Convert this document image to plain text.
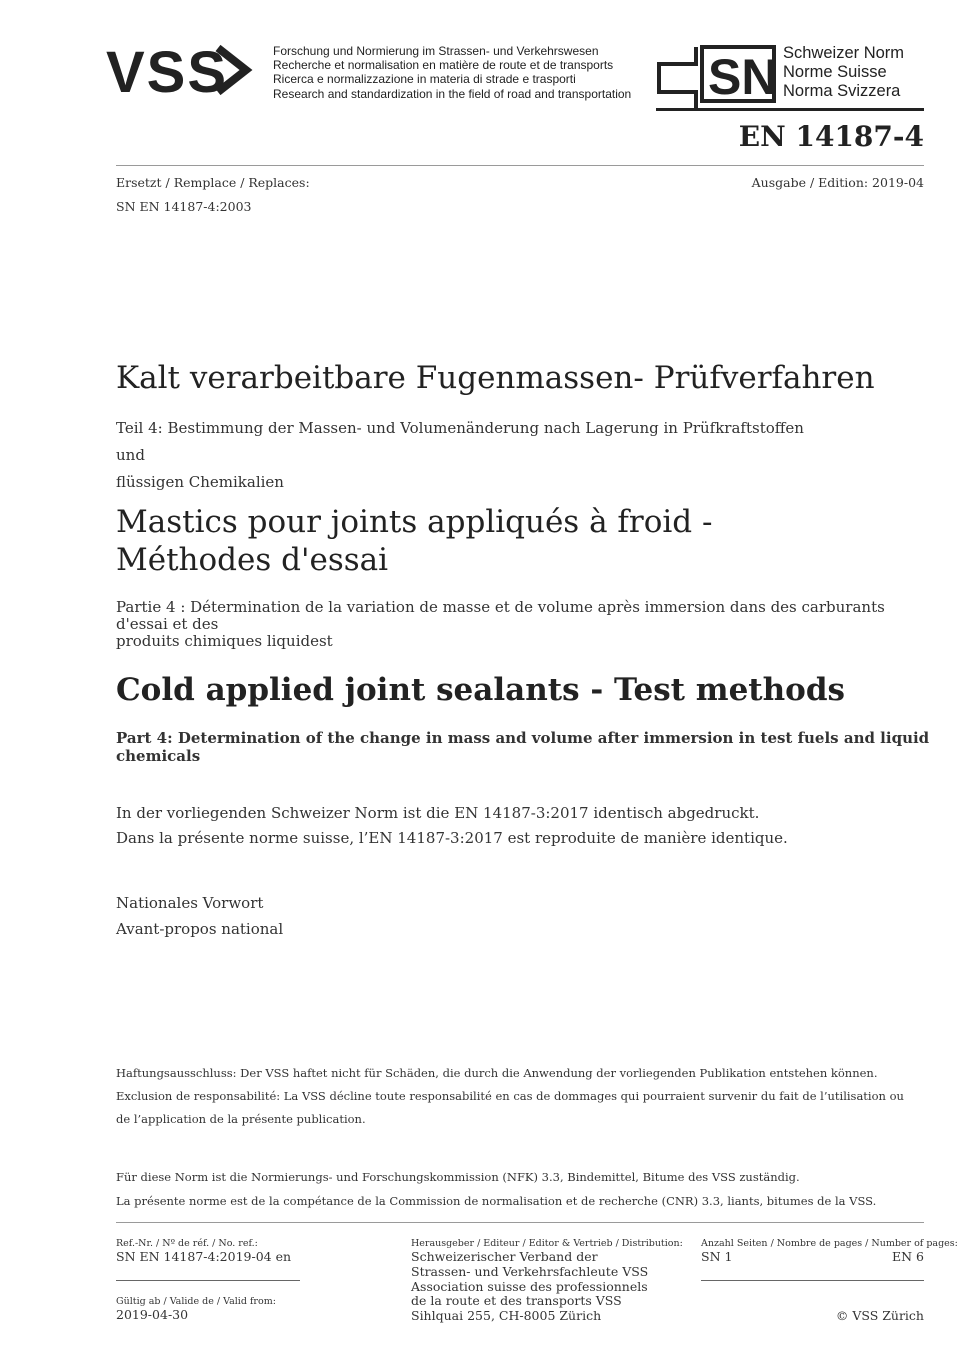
VSS	Forschung und Normierung im Strassen- und Verkehrswesen
Recherche et normalisation en matière de route et de transports
Ricerca e normalizzazione in materia di strade e trasporti
Research and standardization in the field of road and transportation SN Schweizer Norm
Norme Suisse
Norma Svizzera
EN 14187-4
Ersetzt / Remplace / Replaces:
SN EN 14187-4:2003
Ausgabe / Edition: 2019-04
Kalt verarbeitbare Fugenmassen- Prüfverfahren
Teil 4: Bestimmung der Massen- und Volumenänderung nach Lagerung in Prüfkraftstoffen und
flüssigen Chemikalien
Mastics pour joints appliqués à froid -
Méthodes d'essai
Partie 4 : Détermination de la variation de masse et de volume après immersion dans des carburants d'essai et des
produits chimiques liquidest
Cold applied joint sealants - Test methods
Part 4: Determination of the change in mass and volume after immersion in test fuels and liquid chemicals
In der vorliegenden Schweizer Norm ist die EN 14187-3:2017 identisch abgedruckt.
Dans la présente norme suisse, l’EN 14187-3:2017 est reproduite de manière identique.
Nationales Vorwort
Avant-propos national
Haftungsausschluss: Der VSS haftet nicht für Schäden, die durch die Anwendung der vorliegenden Publikation entstehen können.
Exclusion de responsabilité: La VSS décline toute responsabilité en cas de dommages qui pourraient survenir du fait de l’utilisation ou
de l’application de la présente publication.
Für diese Norm ist die Normierungs- und Forschungskommission (NFK) 3.3, Bindemittel, Bitume des VSS zuständig.
La présente norme est de la compétance de la Commission de normalisation et de recherche (CNR) 3.3, liants, bitumes de la VSS.
Ref.-Nr. / Nº de réf. / No. ref.:
SN EN 14187-4:2019-04 en
Gültig ab / Valide de / Valid from:
2019-04-30
Herausgeber / Editeur / Editor & Vertrieb / Distribution:
Schweizerischer Verband der
Strassen- und Verkehrsfachleute VSS
Association suisse des professionnels
de la route et des transports VSS
Sihlquai 255, CH-8005 Zürich
Anzahl Seiten / Nombre de pages / Number of pages:
SN 1	EN 6
© VSS Zürich
